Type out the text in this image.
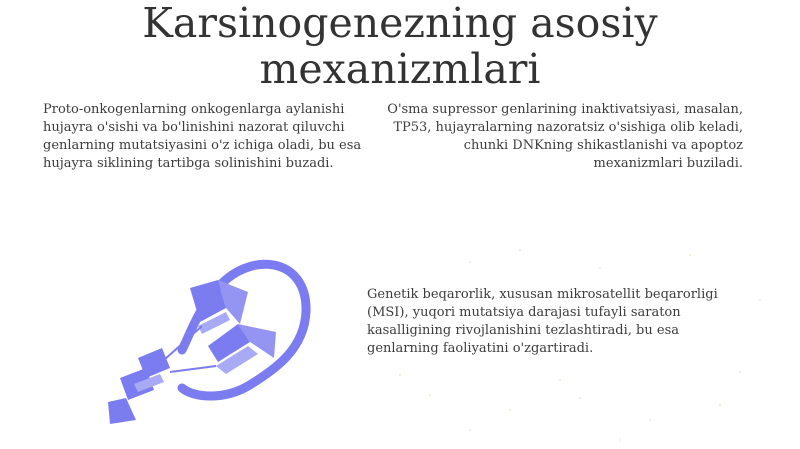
Karsinogenezning asosiy mexanizmlari
Proto-onkogenlarning onkogenlarga aylanishi hujayra o'sishi va bo'linishini nazorat qiluvchi genlarning mutatsiyasini o'z ichiga oladi, bu esa hujayra siklining tartibga solinishini buzadi.
O'sma supressor genlarining inaktivatsiyasi, masalan, TP53, hujayralarning nazoratsiz o'sishiga olib keladi, chunki DNKning shikastlanishi va apoptoz mexanizmlari buziladi.
Genetik beqarorlik, xususan mikrosatellit beqarorligi (MSI), yuqori mutatsiya darajasi tufayli saraton kasalligining rivojlanishini tezlashtiradi, bu esa genlarning faoliyatini o'zgartiradi.
